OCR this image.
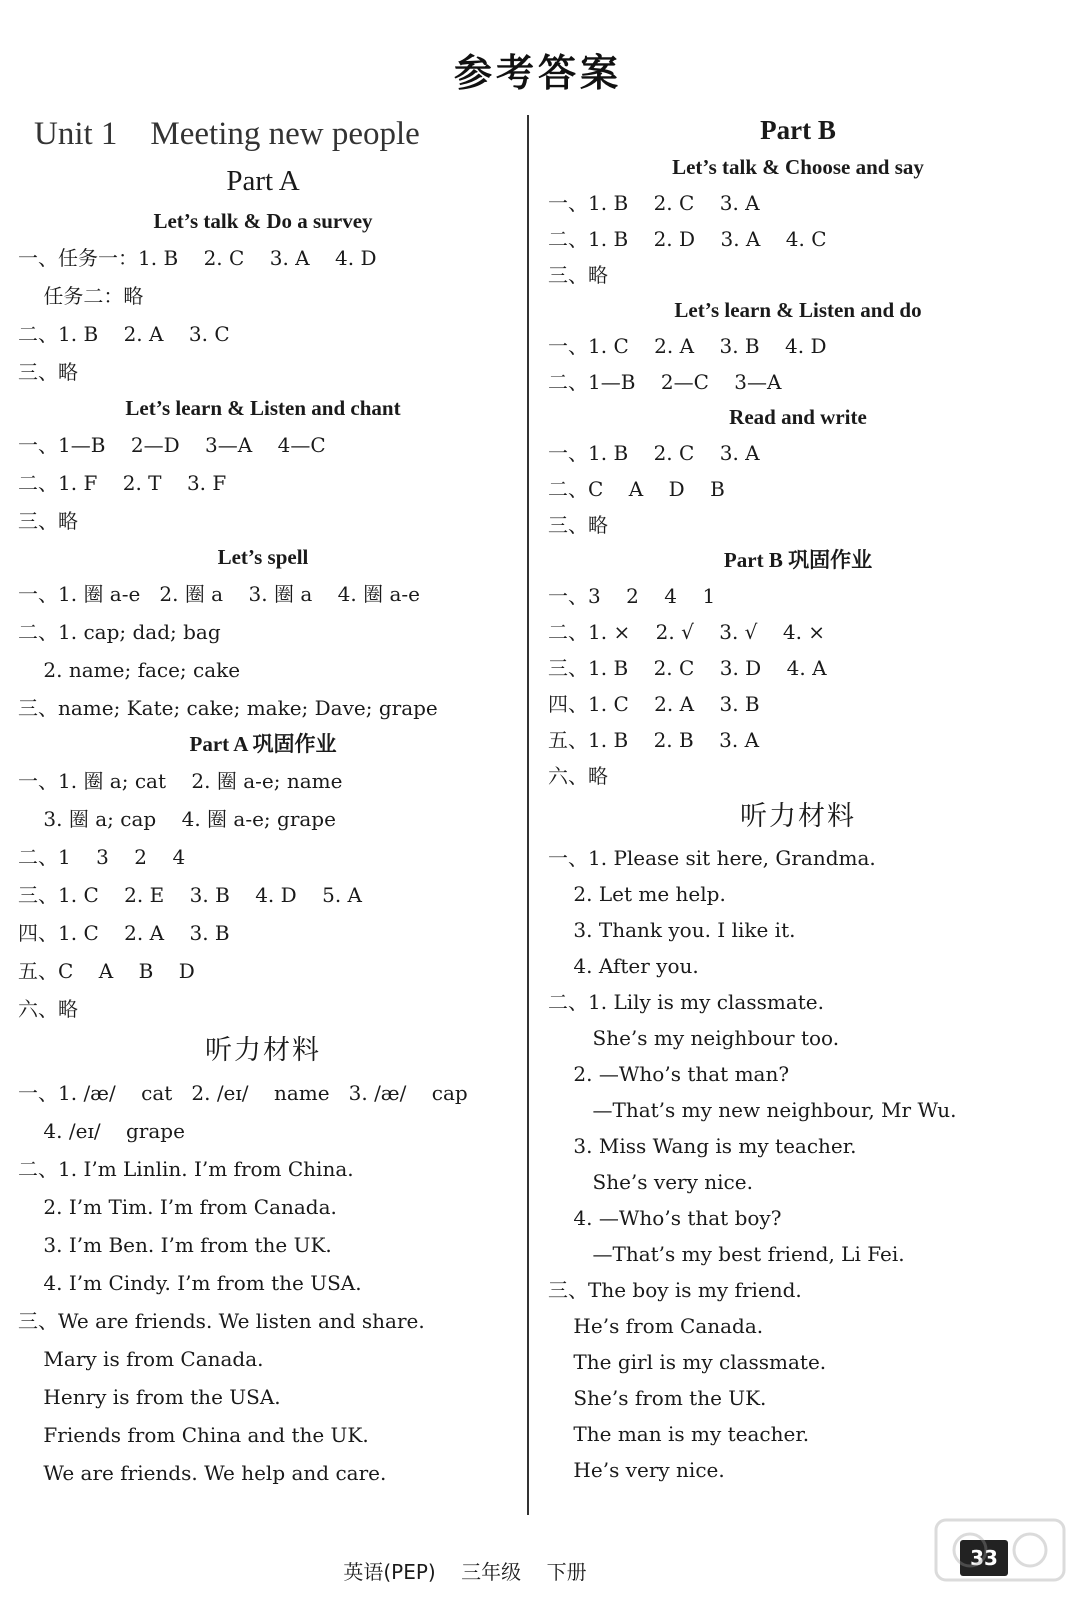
参考答案
Unit 1    Meeting new people
Part A
Let’s talk & Do a survey
一、任务一：1. B    2. C    3. A    4. D
任务二：略
二、1. B    2. A    3. C
三、略
Let’s learn & Listen and chant
一、1—B    2—D    3—A    4—C
二、1. F    2. T    3. F
三、略
Let’s spell
一、1. 圈 a-e   2. 圈 a    3. 圈 a    4. 圈 a-e
二、1. cap; dad; bag
2. name; face; cake
三、name; Kate; cake; make; Dave; grape
Part A 巩固作业
一、1. 圈 a; cat    2. 圈 a-e; name
3. 圈 a; cap    4. 圈 a-e; grape
二、1    3    2    4
三、1. C    2. E    3. B    4. D    5. A
四、1. C    2. A    3. B
五、C    A    B    D
六、略
听力材料
一、1. /æ/    cat   2. /eɪ/    name   3. /æ/    cap
4. /eɪ/    grape
二、1. I’m Linlin. I’m from China.
2. I’m Tim. I’m from Canada.
3. I’m Ben. I’m from the UK.
4. I’m Cindy. I’m from the USA.
三、We are friends. We listen and share.
Mary is from Canada.
Henry is from the USA.
Friends from China and the UK.
We are friends. We help and care.
Part B
Let’s talk & Choose and say
一、1. B    2. C    3. A
二、1. B    2. D    3. A    4. C
三、略
Let’s learn & Listen and do
一、1. C    2. A    3. B    4. D
二、1—B    2—C    3—A
Read and write
一、1. B    2. C    3. A
二、C    A    D    B
三、略
Part B 巩固作业
一、3    2    4    1
二、1. ×    2. √    3. √    4. ×
三、1. B    2. C    3. D    4. A
四、1. C    2. A    3. B
五、1. B    2. B    3. A
六、略
听力材料
一、1. Please sit here, Grandma.
2. Let me help.
3. Thank you. I like it.
4. After you.
二、1. Lily is my classmate.
She’s my neighbour too.
2. —Who’s that man?
—That’s my new neighbour, Mr Wu.
3. Miss Wang is my teacher.
She’s very nice.
4. —Who’s that boy?
—That’s my best friend, Li Fei.
三、The boy is my friend.
He’s from Canada.
The girl is my classmate.
She’s from the UK.
The man is my teacher.
He’s very nice.
英语(PEP)    三年级    下册
33
